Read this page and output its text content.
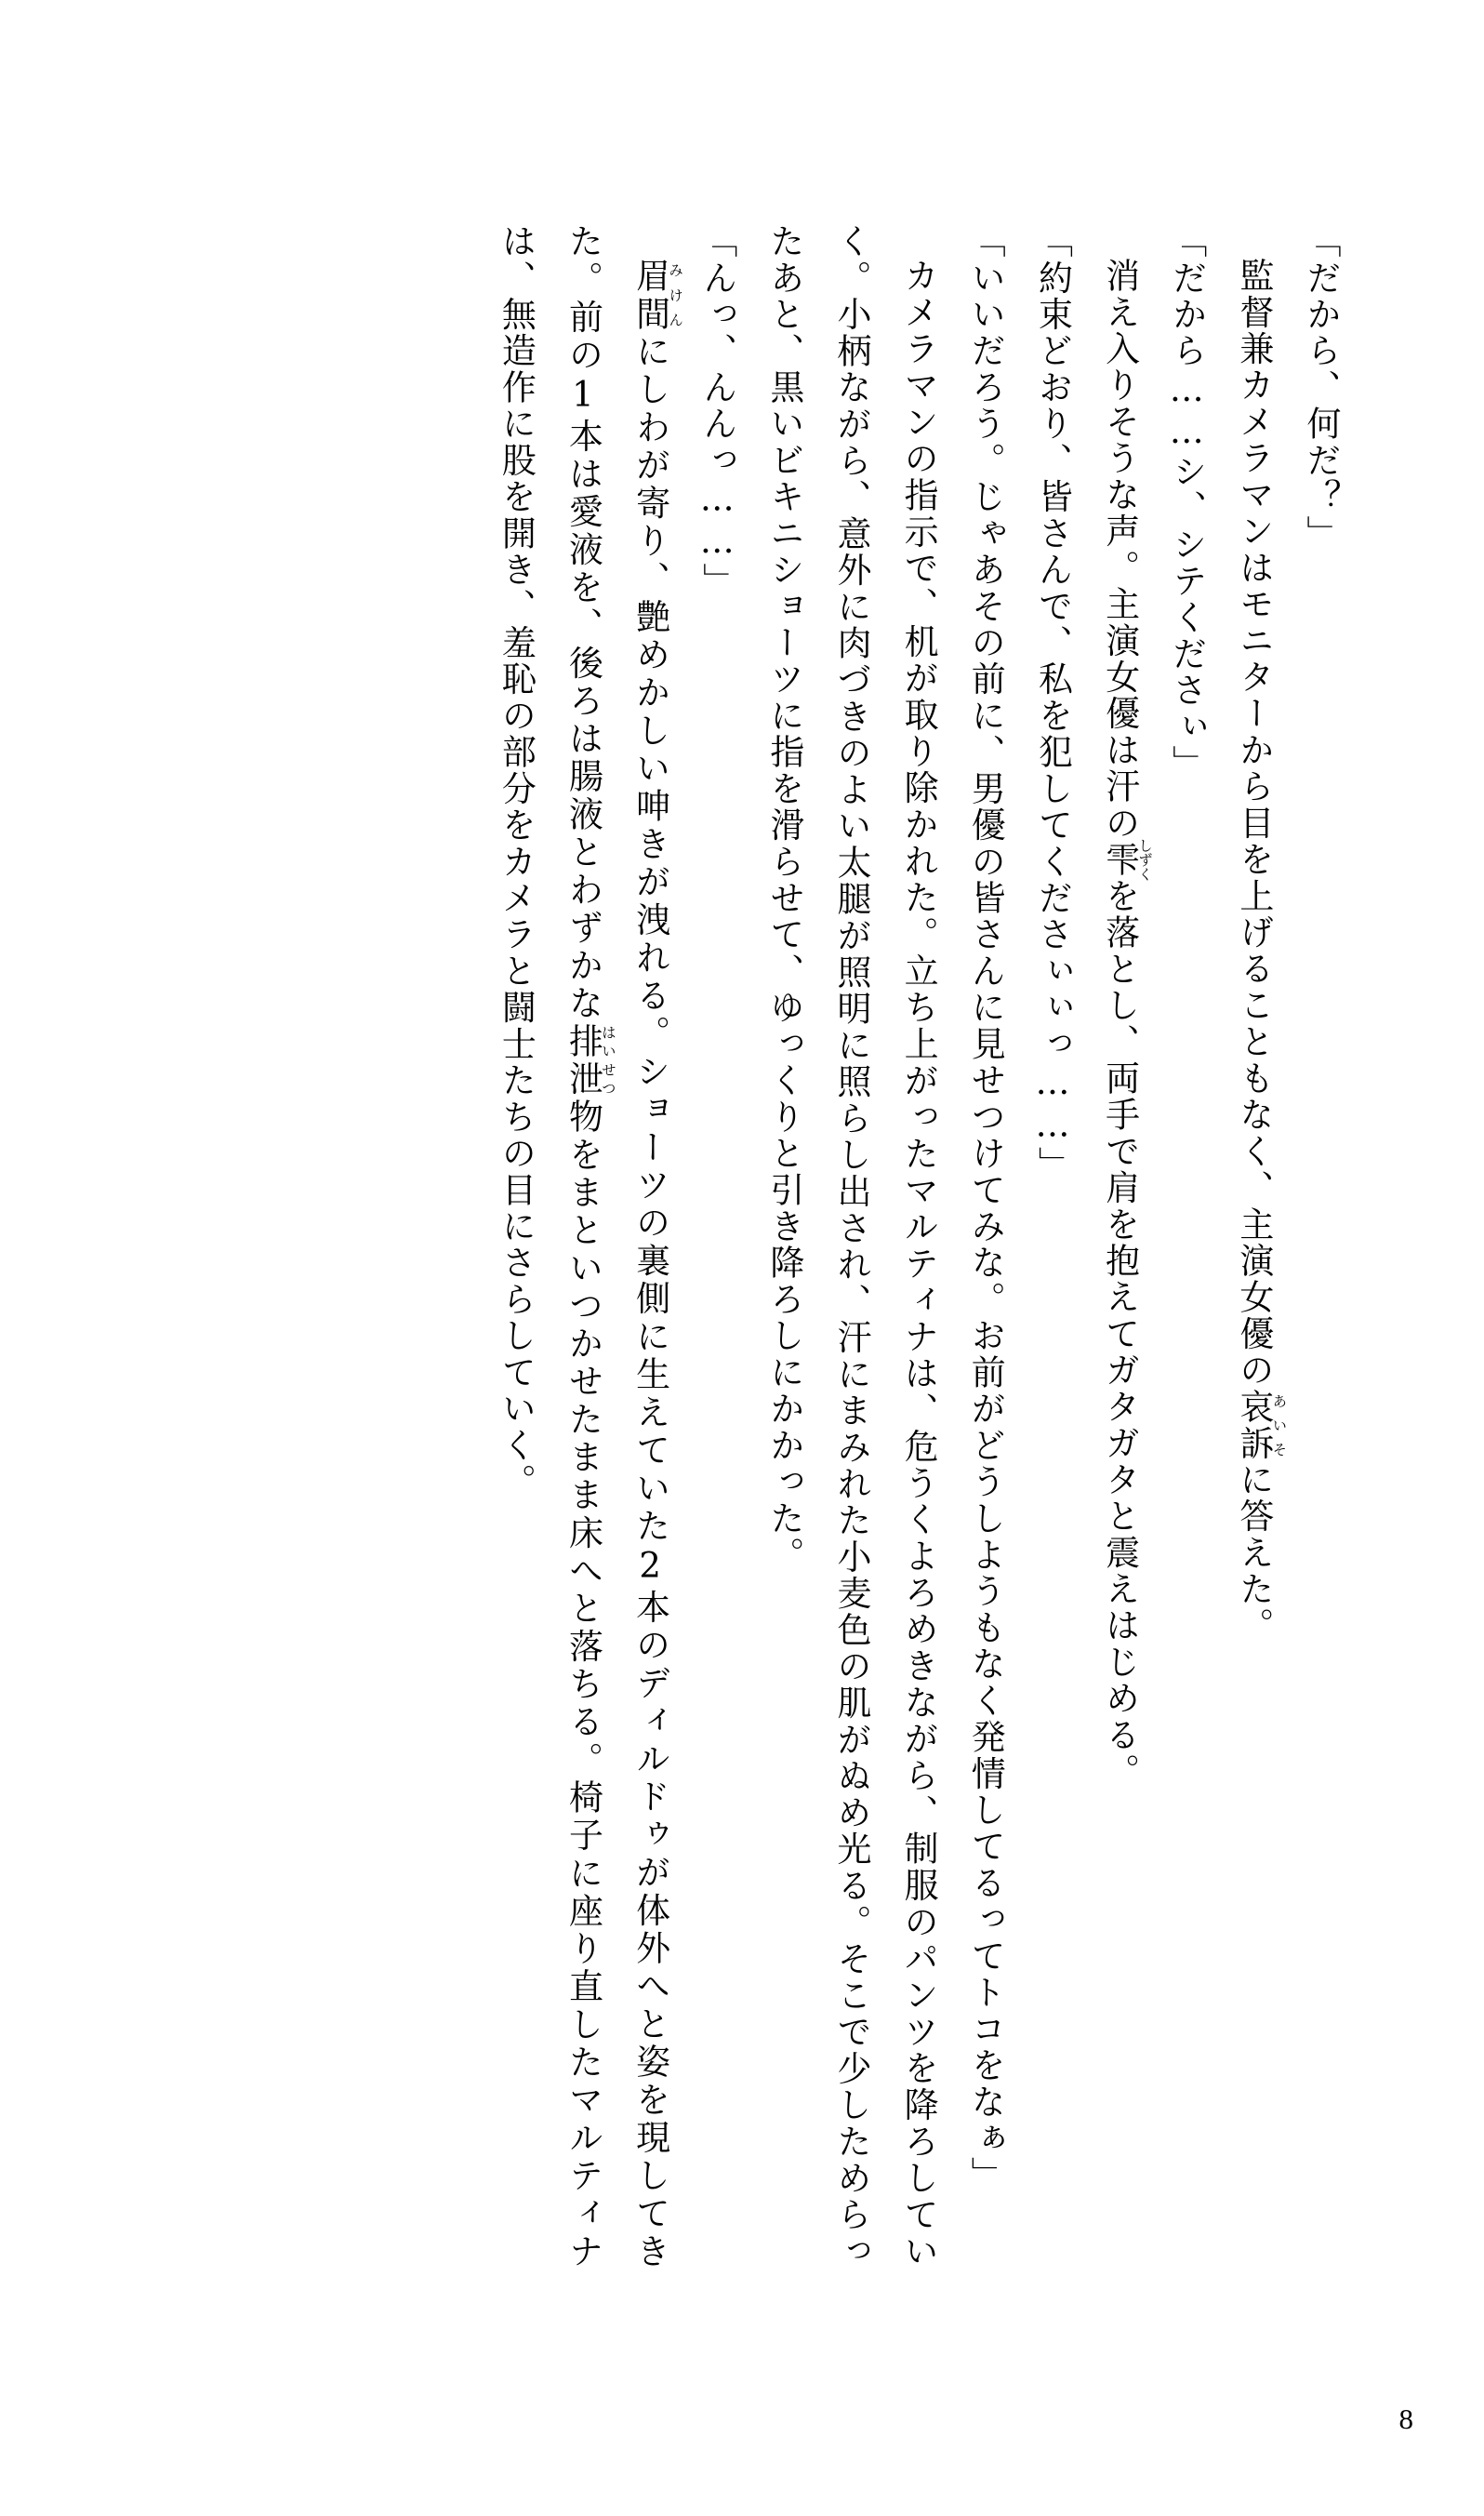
「だから、何だ？」

監督兼カメラマンはモニターから目を上げることもなく、主演女優の哀訴あいそに答えた。

「だから……シ、シテくださぃ」

消え入りそうな声。主演女優は汗の雫しずくを落とし、両手で肩を抱えてガタガタと震えはじめる。

「約束どおり、皆さんで、私を犯してくださぃぃっ……」

「いいだろう。じゃあその前に、男優の皆さんに見せつけてみな。お前がどうしようもなく発情してるってトコをなぁ」

カメラマンの指示で、机が取り除かれた。立ち上がったマルティナは、危うくよろめきながら、制服のパンツを降ろしていく。小柄ながら、意外に肉づきのよい太腿が照明に照らし出され、汗にまみれた小麦色の肌がぬめ光る。そこで少しためらったあと、黒いビキニショーツに指を滑らせて、ゆっくりと引き降ろしにかかった。

「んっ、んんっ……」

眉間みけんにしわが寄り、艶めかしい呻きが洩れる。ショーツの裏側に生えていた2本のディルドゥが体外へと姿を現してきた。前の1本は愛液を、後ろは腸液とわずかな排泄はいせつ物をまといつかせたまま床へと落ちる。椅子に座り直したマルティナは、無造作に股を開き、羞恥の部分をカメラと闘士たちの目にさらしていく。

8
